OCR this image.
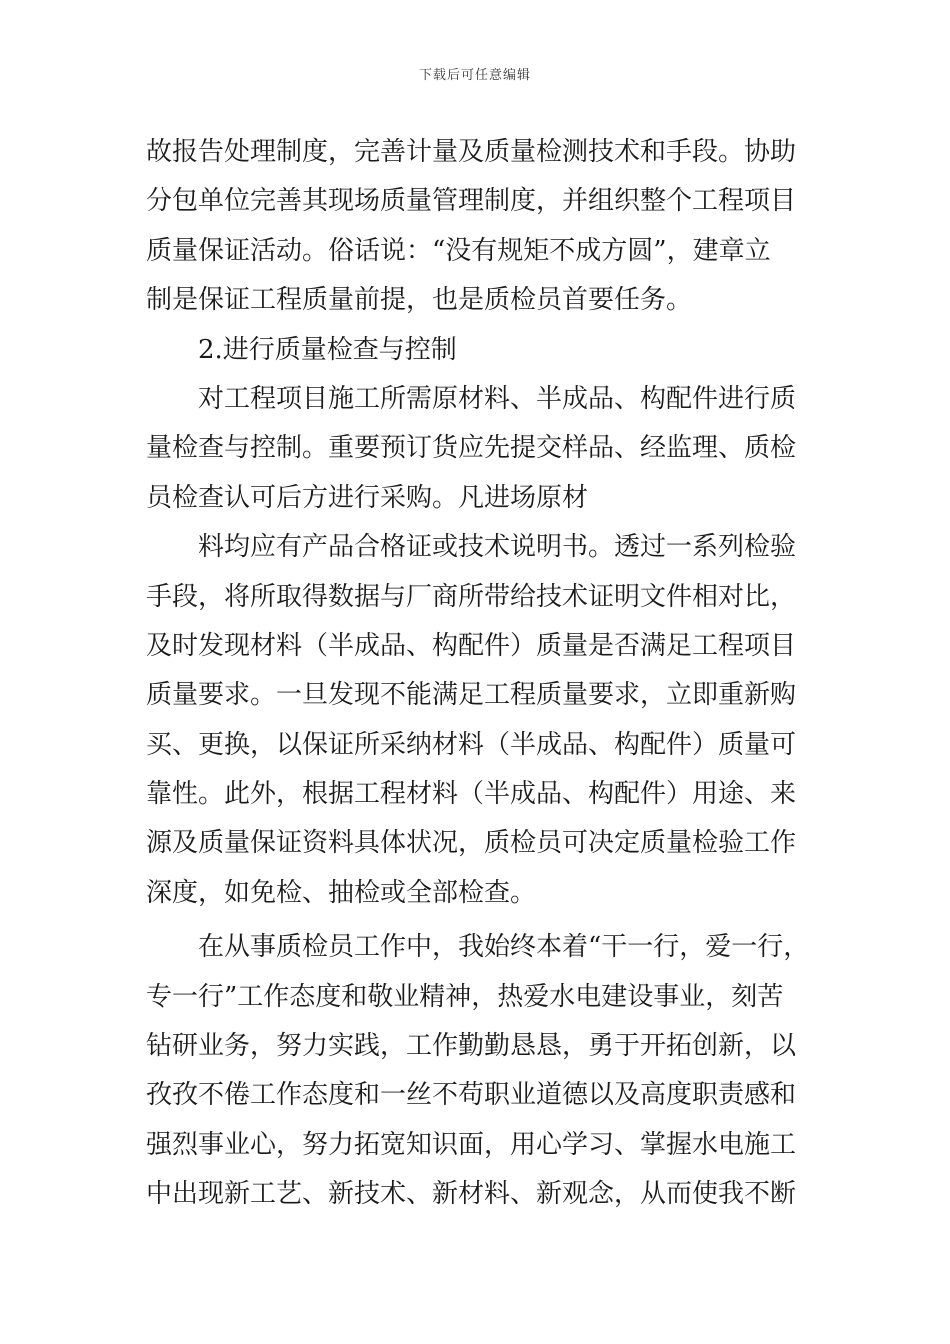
下载后可任意编辑
故报告处理制度，完善计量及质量检测技术和手段。协助
分包单位完善其现场质量管理制度，并组织整个工程项目
质量保证活动。俗话说：“没有规矩不成方圆”，建章立
制是保证工程质量前提，也是质检员首要任务。
2.进行质量检查与控制
对工程项目施工所需原材料、半成品、构配件进行质
量检查与控制。重要预订货应先提交样品、经监理、质检
员检查认可后方进行采购。凡进场原材
料均应有产品合格证或技术说明书。透过一系列检验
手段，将所取得数据与厂商所带给技术证明文件相对比，
及时发现材料（半成品、构配件）质量是否满足工程项目
质量要求。一旦发现不能满足工程质量要求，立即重新购
买、更换，以保证所采纳材料（半成品、构配件）质量可
靠性。此外，根据工程材料（半成品、构配件）用途、来
源及质量保证资料具体状况，质检员可决定质量检验工作
深度，如免检、抽检或全部检查。
在从事质检员工作中，我始终本着“干一行，爱一行，
专一行”工作态度和敬业精神，热爱水电建设事业，刻苦
钻研业务，努力实践，工作勤勤恳恳，勇于开拓创新，以
孜孜不倦工作态度和一丝不苟职业道德以及高度职责感和
强烈事业心，努力拓宽知识面，用心学习、掌握水电施工
中出现新工艺、新技术、新材料、新观念，从而使我不断
